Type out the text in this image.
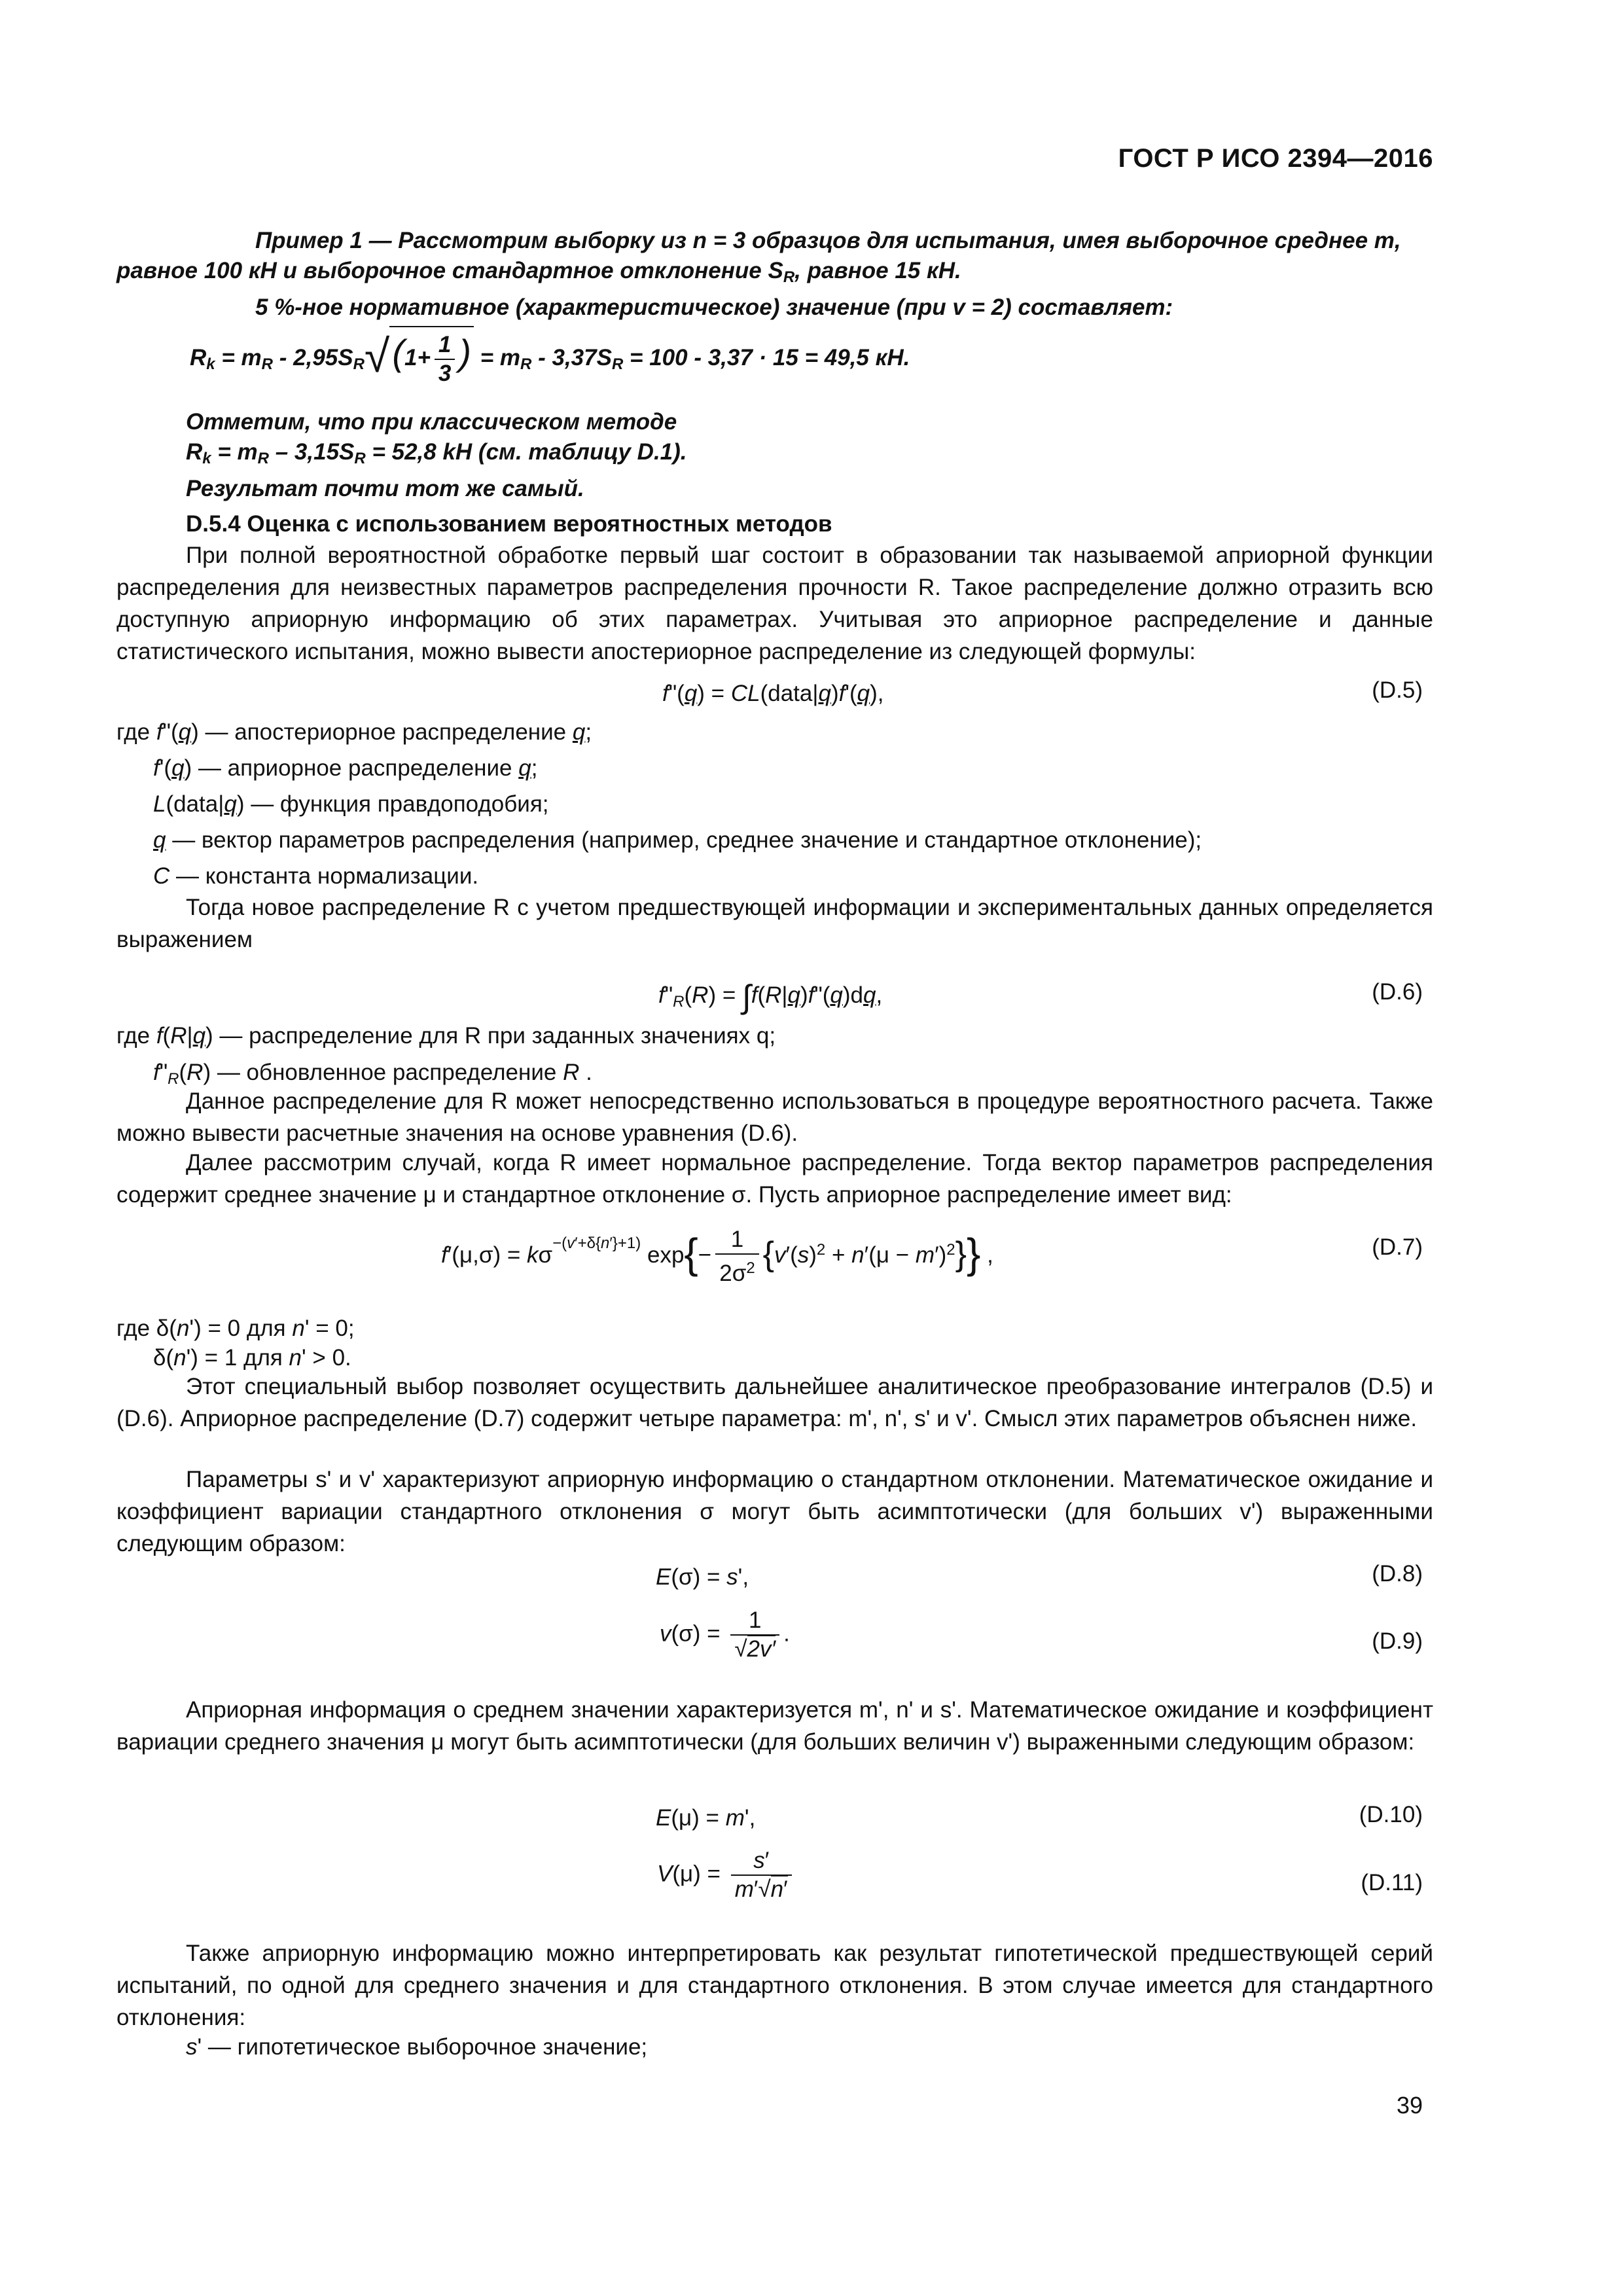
ГОСТ Р ИСО 2394—2016
Пример 1 — Рассмотрим выборку из n = 3 образцов для испытания, имея выборочное среднее m,
равное 100 кН и выборочное стандартное отклонение $S_R$, равное 15 кН.
5 %-ное нормативное (характеристическое) значение (при v = 2) составляет:
$R_k = m_R - 2,95S_R√(1+ \frac{1}{3}$ ) = $m_R - 3,37S_R = 100 - 3,37 \cdot 15 = 49,5$ кН.
Отметим, что при классическом методе
$R_k = m_R - 3,15S_R = 52,8$ kH (см. таблицу D.1).
Результат почти тот же самый.
D.5.4 Оценка с использованием вероятностных методов
При полной вероятностной обработке первый шаг состоит в образовании так называемой априорной функции распределения для неизвестных параметров распределения прочности R. Такое распределение должно отразить всю доступную априорную информацию об этих параметрах. Учитывая это априорное распределение и данные статистического испытания, можно вывести апостериорное распределение из следующей формулы:
f"(q) = CL(data|q)f'(q),	(D.5)
где f"(q) — апостериорное распределение q;
f'(q) — априорное распределение q;
L(data|q) — функция правдоподобия;
q — вектор параметров распределения (например, среднее значение и стандартное отклонение);
C — константа нормализации.
Тогда новое распределение R с учетом предшествующей информации и экспериментальных данных определяется выражением
$f"_R(R)$ = ∫f(R|q)f"(q)dq,	(D.6)
где f(R|q) — распределение для R при заданных значениях q;
$f"_R(R)$ — обновленное распределение R .
Данное распределение для R может непосредственно использоваться в процедуре вероятностного расчета. Также можно вывести расчетные значения на основе уравнения (D.6).
Далее рассмотрим случай, когда R имеет нормальное распределение. Тогда вектор параметров распределения содержит среднее значение μ и стандартное отклонение σ. Пусть априорное распределение имеет вид:
$f'(\mu,\sigma) = k\sigma^{-(v'+\delta\{n'\}+1)}$ $\exp\{- \frac{1}{2\sigma^2} \{v'(s)^2 + n'(\mu - m')^2\}\}$ ,	(D.7)
где δ(n') = 0 для n' = 0;
δ(n') = 1 для n' > 0.
Этот специальный выбор позволяет осуществить дальнейшее аналитическое преобразование интегралов (D.5) и (D.6). Априорное распределение (D.7) содержит четыре параметра: m', n', s' и v'. Смысл этих параметров объяснен ниже.
Параметры s' и v' характеризуют априорную информацию о стандартном отклонении. Математическое ожидание и коэффициент вариации стандартного отклонения σ могут быть асимптотически (для больших v') выраженными следующим образом:
E(σ) = s',	(D.8)
$v(\sigma) = \frac{1}{√2v'}$ .	(D.9)
Априорная информация о среднем значении характеризуется m', n' и s'. Математическое ожидание и коэффициент вариации среднего значения μ могут быть асимптотически (для больших величин v') выраженными следующим образом:
E(μ) = m',	(D.10)
$V(\mu) = \frac{s'}{m'√n'}$	(D.11)
Также априорную информацию можно интерпретировать как результат гипотетической предшествующей серий испытаний, по одной для среднего значения и для стандартного отклонения. В этом случае имеется для стандартного отклонения:
s' — гипотетическое выборочное значение;
39
